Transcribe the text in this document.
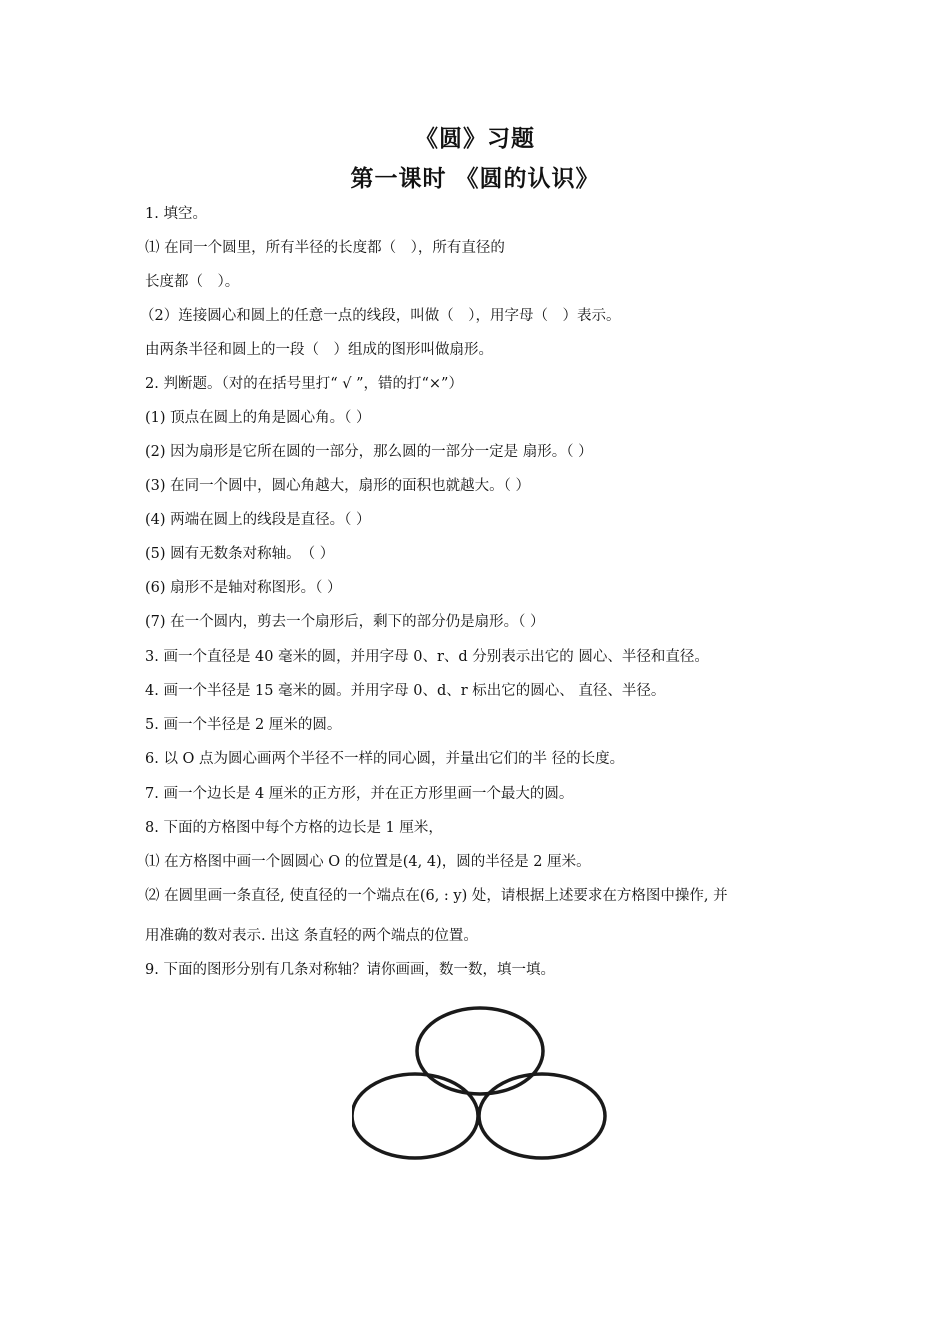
《圆》习题
第一课时 《圆的认识》
1. 填空。
⑴ 在同一个圆里，所有半径的长度都（　），所有直径的
长度都（　）。
（2）连接圆心和圆上的任意一点的线段，叫做（　），用字母（　）表示。
由两条半径和圆上的一段（　）组成的图形叫做扇形。
2. 判断题。（对的在括号里打“ √ ”，错的打“×”）
(1) 顶点在圆上的角是圆心角。（ ）
(2) 因为扇形是它所在圆的一部分，那么圆的一部分一定是 扇形。（ ）
(3) 在同一个圆中，圆心角越大，扇形的面积也就越大。（ ）
(4) 两端在圆上的线段是直径。（ ）
(5) 圆有无数条对称轴。　（ ）
(6) 扇形不是轴对称图形。（ ）
(7) 在一个圆内，剪去一个扇形后，剩下的部分仍是扇形。（ ）
3. 画一个直径是 40 毫米的圆，并用字母 0、r、d 分别表示出它的 圆心、半径和直径。
4. 画一个半径是 15 毫米的圆。并用字母 0、d、r 标出它的圆心、 直径、半径。
5. 画一个半径是 2 厘米的圆。
6. 以 O 点为圆心画两个半径不一样的同心圆，并量出它们的半 径的长度。
7. 画一个边长是 4 厘米的正方形，并在正方形里画一个最大的圆。
8. 下面的方格图中每个方格的边长是 1 厘米，
⑴ 在方格图中画一个圆圆心 O 的位置是(4, 4)，圆的半径是 2 厘米。
⑵ 在圆里画一条直径, 使直径的一个端点在(6, : y) 处，请根据上述要求在方格图中操作, 并
用准确的数对表示. 出这 条直轻的两个端点的位置。
9. 下面的图形分别有几条对称轴？请你画画，数一数，填一填。
